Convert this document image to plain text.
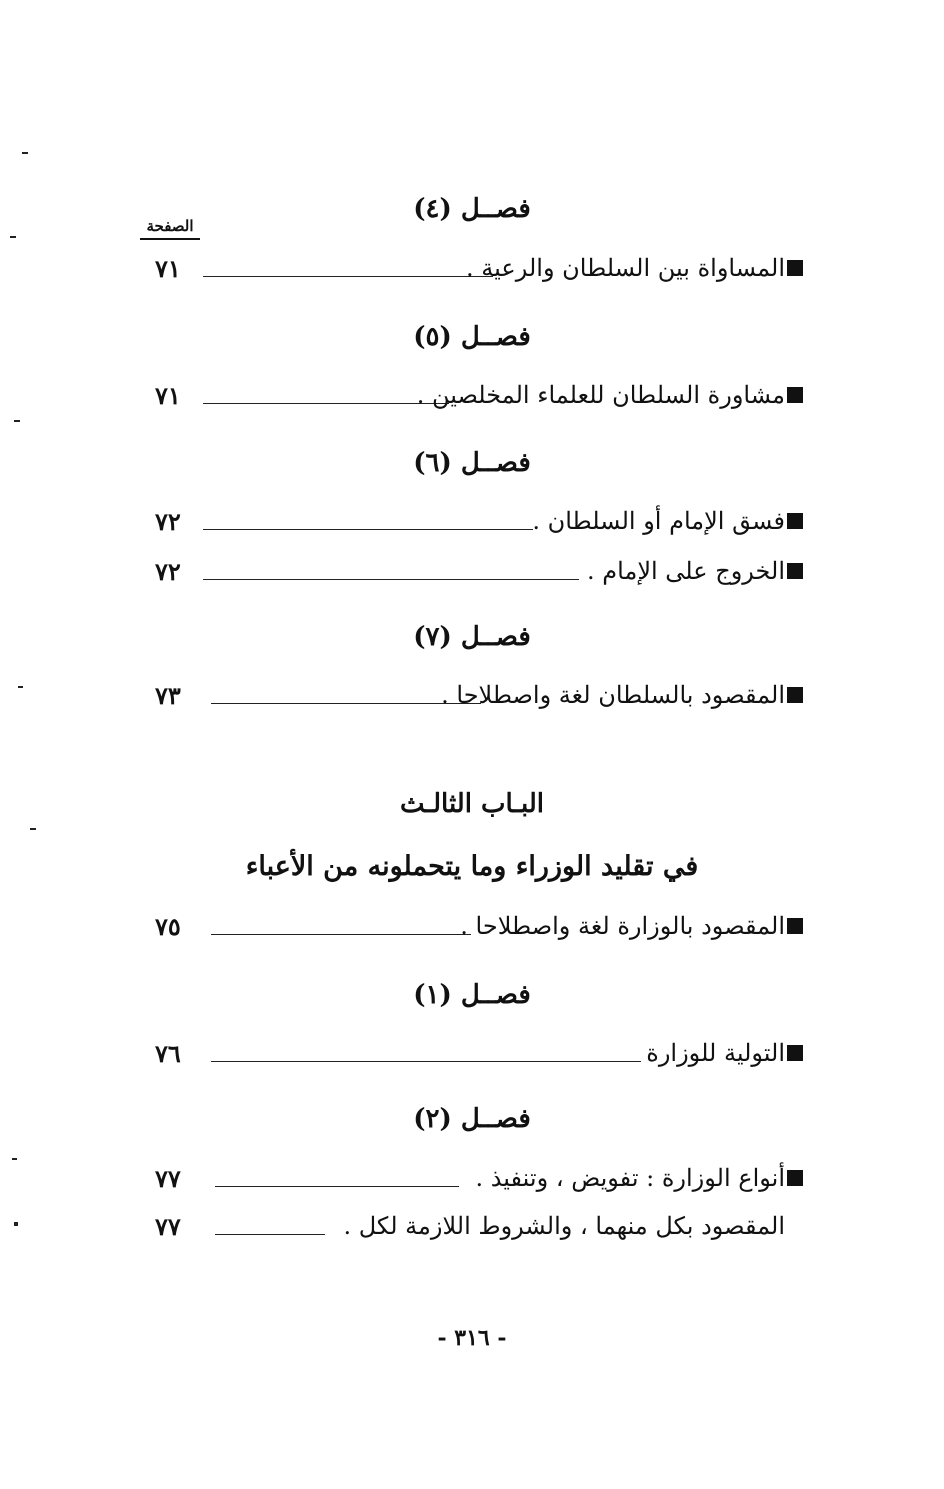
الصفحة
فصــل (٤)
٧١	المساواة بين السلطان والرعية .
فصــل (٥)
٧١	مشاورة السلطان للعلماء المخلصين .
فصــل (٦)
٧٢	فسق الإمام أو السلطان .
٧٢	الخروج على الإمام .
فصــل (٧)
٧٣	المقصود بالسلطان لغة واصطلاحا .
البـاب الثالـث
في تقليد الوزراء وما يتحملونه من الأعباء
٧٥	المقصود بالوزارة لغة واصطلاحا .
فصــل (١)
٧٦	التولية للوزارة
فصــل (٢)
٧٧	أنواع الوزارة : تفويض ، وتنفيذ .
٧٧	المقصود بكل منهما ، والشروط اللازمة لكل .
- ٣١٦ -
